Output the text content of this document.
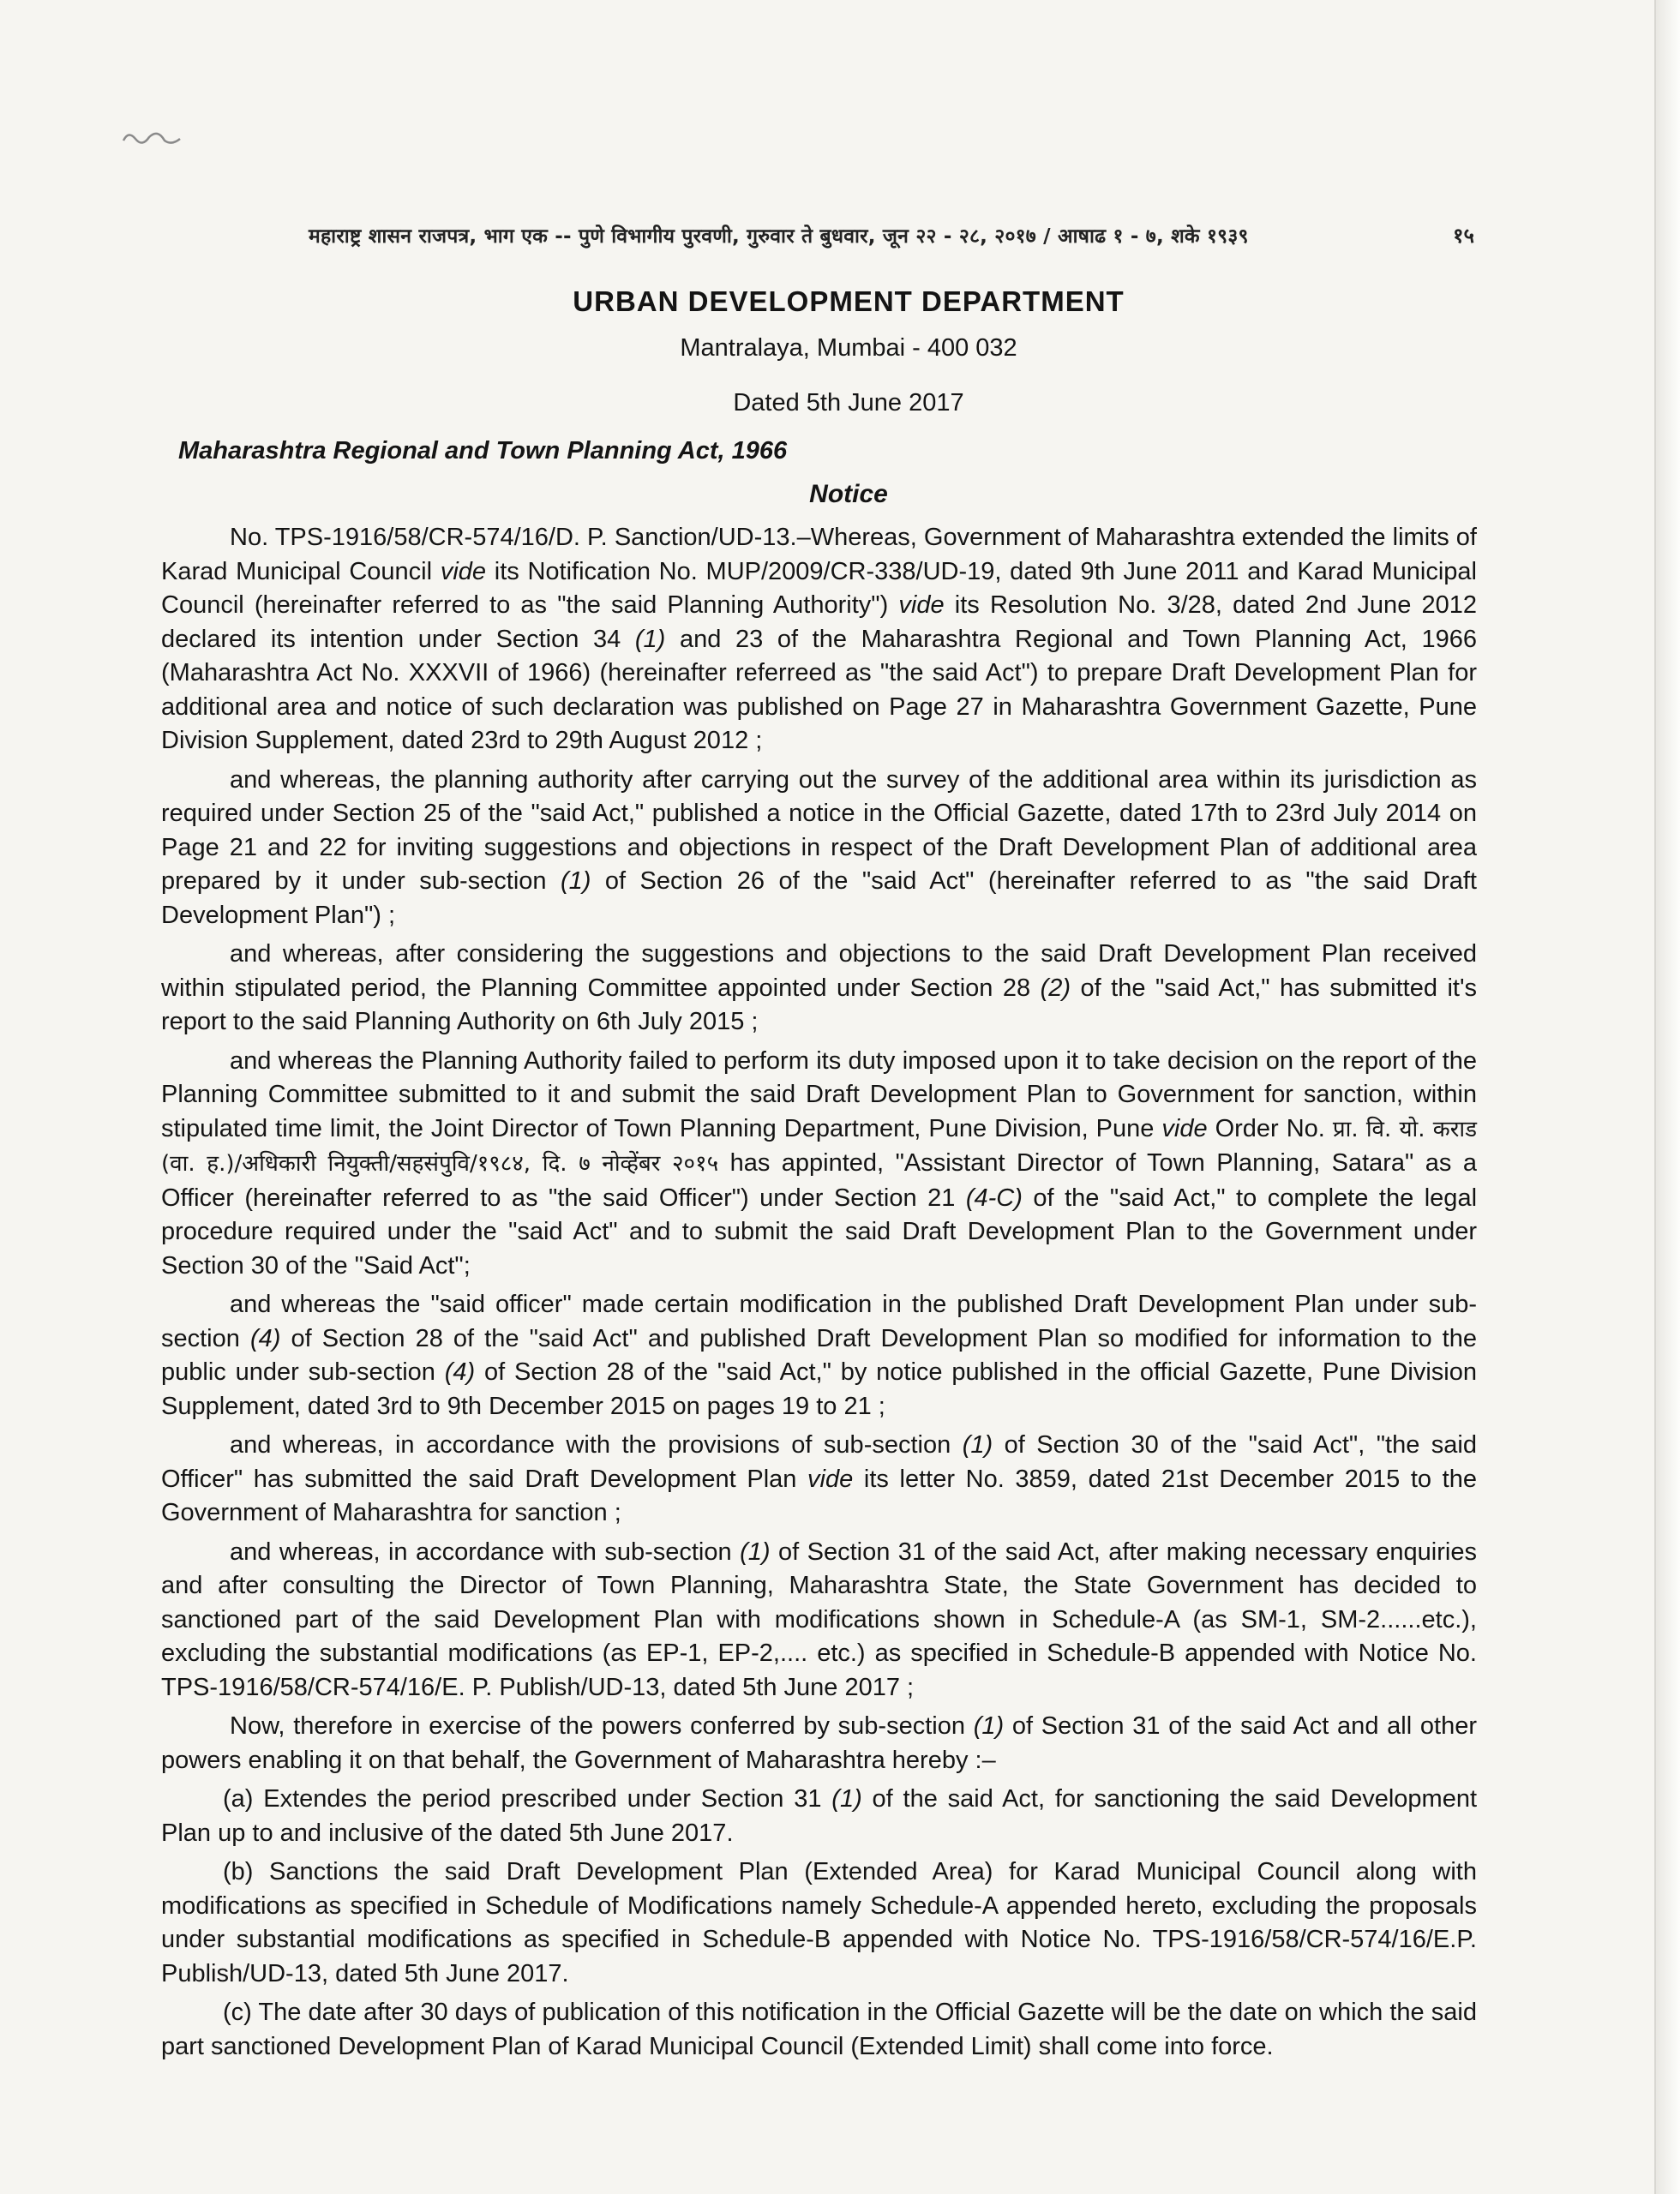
महाराष्ट्र शासन राजपत्र, भाग एक -- पुणे विभागीय पुरवणी, गुरुवार ते बुधवार, जून २२ - २८, २०१७ / आषाढ १ - ७, शके १९३९	१५
URBAN DEVELOPMENT DEPARTMENT
Mantralaya, Mumbai - 400 032
Dated 5th June 2017
Maharashtra Regional and Town Planning Act, 1966
Notice

No. TPS-1916/58/CR-574/16/D. P. Sanction/UD-13.–Whereas, Government of Maharashtra extended the limits of Karad Municipal Council vide its Notification No. MUP/2009/CR-338/UD-19, dated 9th June 2011 and Karad Municipal Council (hereinafter referred to as "the said Planning Authority") vide its Resolution No. 3/28, dated 2nd June 2012 declared its intention under Section 34 (1) and 23 of the Maharashtra Regional and Town Planning Act, 1966 (Maharashtra Act No. XXXVII of 1966) (hereinafter referreed as "the said Act") to prepare Draft Development Plan for additional area and notice of such declaration was published on Page 27 in Maharashtra Government Gazette, Pune Division Supplement, dated 23rd to 29th August 2012 ;

and whereas, the planning authority after carrying out the survey of the additional area within its jurisdiction as required under Section 25 of the "said Act," published a notice in the Official Gazette, dated 17th to 23rd July 2014 on Page 21 and 22 for inviting suggestions and objections in respect of the Draft Development Plan of additional area prepared by it under sub-section (1) of Section 26 of the "said Act" (hereinafter referred to as "the said Draft Development Plan") ;

and whereas, after considering the suggestions and objections to the said Draft Development Plan received within stipulated period, the Planning Committee appointed under Section 28 (2) of the "said Act," has submitted it's report to the said Planning Authority on 6th July 2015 ;

and whereas the Planning Authority failed to perform its duty imposed upon it to take decision on the report of the Planning Committee submitted to it and submit the said Draft Development Plan to Government for sanction, within stipulated time limit, the Joint Director of Town Planning Department, Pune Division, Pune vide Order No. प्रा. वि. यो. कराड (वा. ह.)/अधिकारी नियुक्ती/सहसंपुवि/१९८४, दि. ७ नोव्हेंबर २०१५ has appinted, "Assistant Director of Town Planning, Satara" as a Officer (hereinafter referred to as "the said Officer") under Section 21 (4-C) of the "said Act," to complete the legal procedure required under the "said Act" and to submit the said Draft Development Plan to the Government under Section 30 of the "Said Act";

and whereas the "said officer" made certain modification in the published Draft Development Plan under sub-section (4) of Section 28 of the "said Act" and published Draft Development Plan so modified for information to the public under sub-section (4) of Section 28 of the "said Act," by notice published in the official Gazette, Pune Division Supplement, dated 3rd to 9th December 2015 on pages 19 to 21 ;

and whereas, in accordance with the provisions of sub-section (1) of Section 30 of the "said Act", "the said Officer" has submitted the said Draft Development Plan vide its letter No. 3859, dated 21st December 2015 to the Government of Maharashtra for sanction ;

and whereas, in accordance with sub-section (1) of Section 31 of the said Act, after making necessary enquiries and after consulting the Director of Town Planning, Maharashtra State, the State Government has decided to sanctioned part of the said Development Plan with modifications shown in Schedule-A (as SM-1, SM-2......etc.), excluding the substantial modifications (as EP-1, EP-2,.... etc.) as specified in Schedule-B appended with Notice No. TPS-1916/58/CR-574/16/E. P. Publish/UD-13, dated 5th June 2017 ;

Now, therefore in exercise of the powers conferred by sub-section (1) of Section 31 of the said Act and all other powers enabling it on that behalf, the Government of Maharashtra hereby :–

(a) Extendes the period prescribed under Section 31 (1) of the said Act, for sanctioning the said Development Plan up to and inclusive of the dated 5th June 2017.

(b) Sanctions the said Draft Development Plan (Extended Area) for Karad Municipal Council along with modifications as specified in Schedule of Modifications namely Schedule-A appended hereto, excluding the proposals under substantial modifications as specified in Schedule-B appended with Notice No. TPS-1916/58/CR-574/16/E.P. Publish/UD-13, dated 5th June 2017.

(c) The date after 30 days of publication of this notification in the Official Gazette will be the date on which the said part sanctioned Development Plan of Karad Municipal Council (Extended Limit) shall come into force.
